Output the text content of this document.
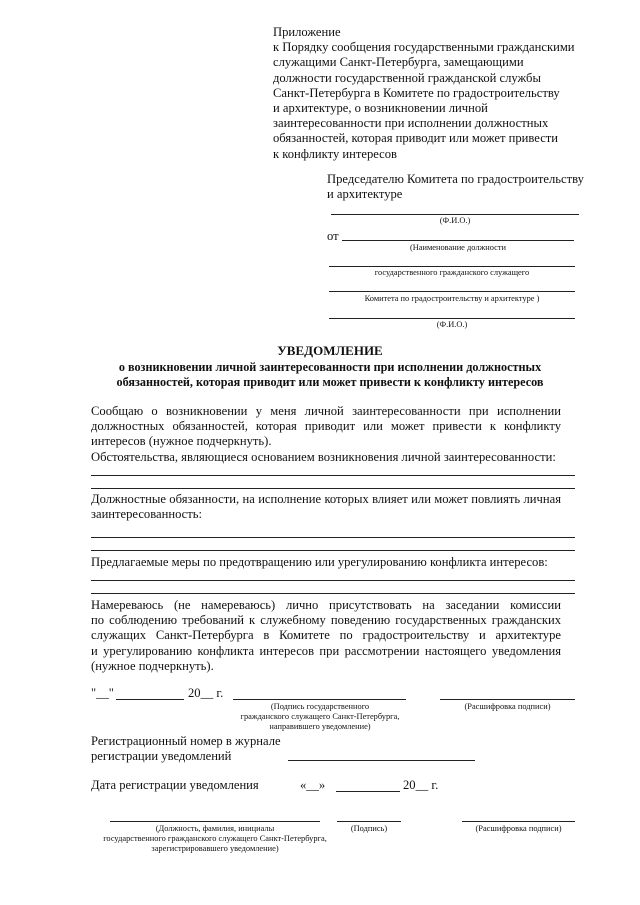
Приложение
к Порядку сообщения государственными гражданскими
служащими Санкт-Петербурга, замещающими
должности государственной гражданской службы
Санкт-Петербурга в Комитете по градостроительству
и архитектуре, о возникновении личной
заинтересованности при исполнении должностных
обязанностей, которая приводит или может привести
к конфликту интересов
Председателю Комитета по градостроительству
и архитектуре
(Ф.И.О.)
от
(Наименование должности
государственного гражданского служащего
Комитета по градостроительству и архитектуре )
(Ф.И.О.)
УВЕДОМЛЕНИЕ
о возникновении личной заинтересованности при исполнении должностных
обязанностей, которая приводит или может привести к конфликту интересов
Сообщаю о возникновении у меня личной заинтересованности при исполнении
должностных обязанностей, которая приводит или может привести к конфликту
интересов (нужное подчеркнуть).
Обстоятельства, являющиеся основанием возникновения личной заинтересованности:
Должностные обязанности, на исполнение которых влияет или может повлиять личная
заинтересованность:
Предлагаемые меры по предотвращению или урегулированию конфликта интересов:
Намереваюсь (не намереваюсь) лично присутствовать на заседании комиссии
по соблюдению требований к служебному поведению государственных гражданских
служащих Санкт-Петербурга в Комитете по градостроительству и архитектуре
и урегулированию конфликта интересов при рассмотрении настоящего уведомления
(нужное подчеркнуть).
"__"	20__ г.
(Подпись государственного
гражданского служащего Санкт-Петербурга,
направившего уведомление)
(Расшифровка подписи)
Регистрационный номер в журнале
регистрации уведомлений
Дата регистрации уведомления	«__»	20__ г.
(Должность, фамилия, инициалы
государственного гражданского служащего Санкт-Петербурга,
зарегистрировавшего уведомление)
(Подпись)	(Расшифровка подписи)
